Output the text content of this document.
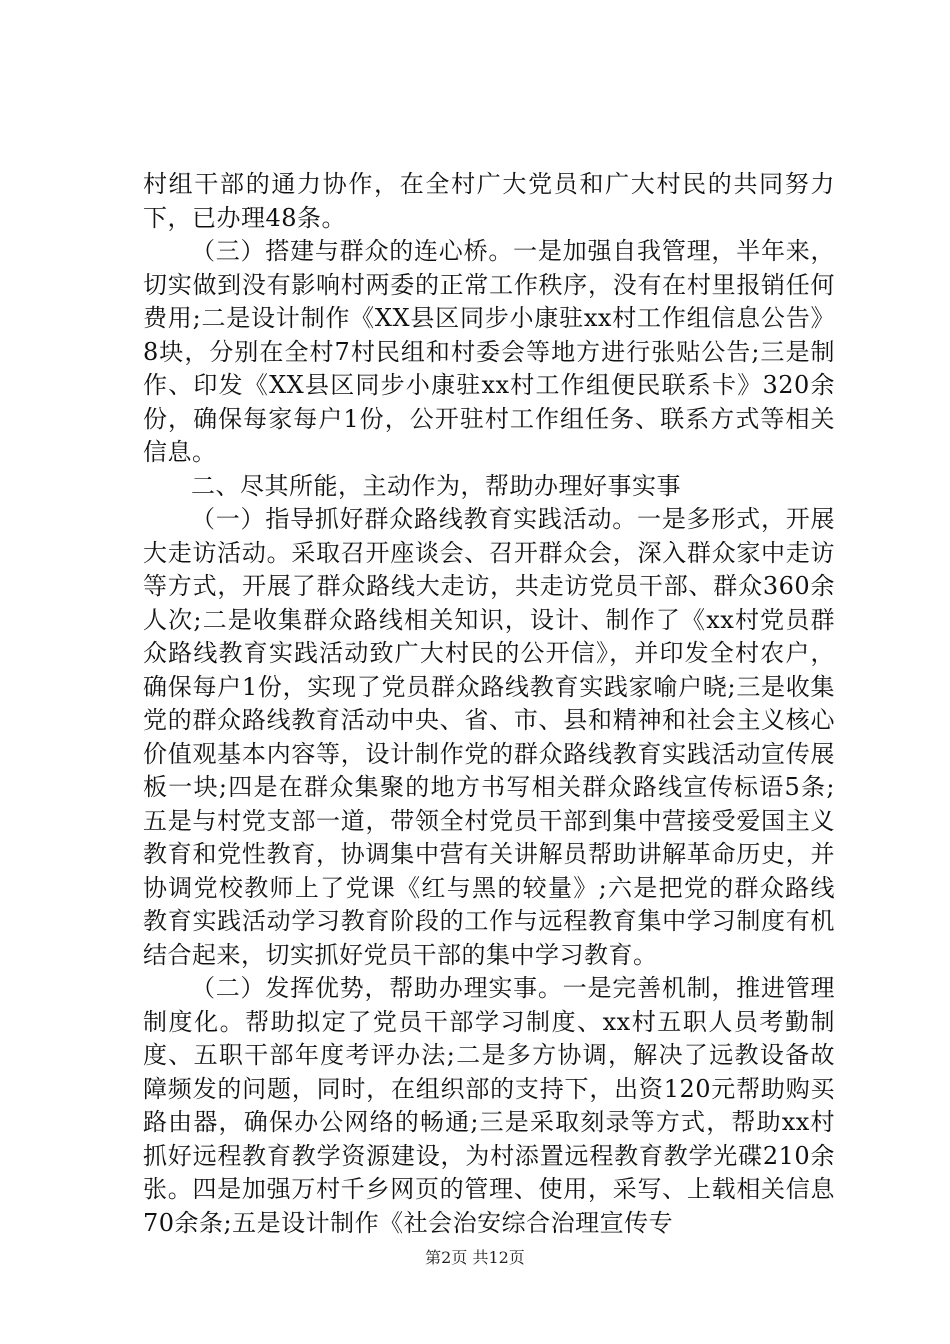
村组干部的通力协作，在全村广大党员和广大村民的共同努力下，已办理48条。

（三）搭建与群众的连心桥。一是加强自我管理，半年来，切实做到没有影响村两委的正常工作秩序，没有在村里报销任何费用;二是设计制作《XX县区同步小康驻xx村工作组信息公告》8块，分别在全村7村民组和村委会等地方进行张贴公告;三是制作、印发《XX县区同步小康驻xx村工作组便民联系卡》320余份，确保每家每户1份，公开驻村工作组任务、联系方式等相关信息。

二、尽其所能，主动作为，帮助办理好事实事

（一）指导抓好群众路线教育实践活动。一是多形式，开展大走访活动。采取召开座谈会、召开群众会，深入群众家中走访等方式，开展了群众路线大走访，共走访党员干部、群众360余人次;二是收集群众路线相关知识，设计、制作了《xx村党员群众路线教育实践活动致广大村民的公开信》，并印发全村农户，确保每户1份，实现了党员群众路线教育实践家喻户晓;三是收集党的群众路线教育活动中央、省、市、县和精神和社会主义核心价值观基本内容等，设计制作党的群众路线教育实践活动宣传展板一块;四是在群众集聚的地方书写相关群众路线宣传标语5条;五是与村党支部一道，带领全村党员干部到集中营接受爱国主义教育和党性教育，协调集中营有关讲解员帮助讲解革命历史，并协调党校教师上了党课《红与黑的较量》;六是把党的群众路线教育实践活动学习教育阶段的工作与远程教育集中学习制度有机结合起来，切实抓好党员干部的集中学习教育。

（二）发挥优势，帮助办理实事。一是完善机制，推进管理制度化。帮助拟定了党员干部学习制度、xx村五职人员考勤制度、五职干部年度考评办法;二是多方协调，解决了远教设备故障频发的问题，同时，在组织部的支持下，出资120元帮助购买路由器，确保办公网络的畅通;三是采取刻录等方式，帮助xx村抓好远程教育教学资源建设，为村添置远程教育教学光碟210余张。四是加强万村千乡网页的管理、使用，采写、上载相关信息70余条;五是设计制作《社会治安综合治理宣传专

第2页 共12页
